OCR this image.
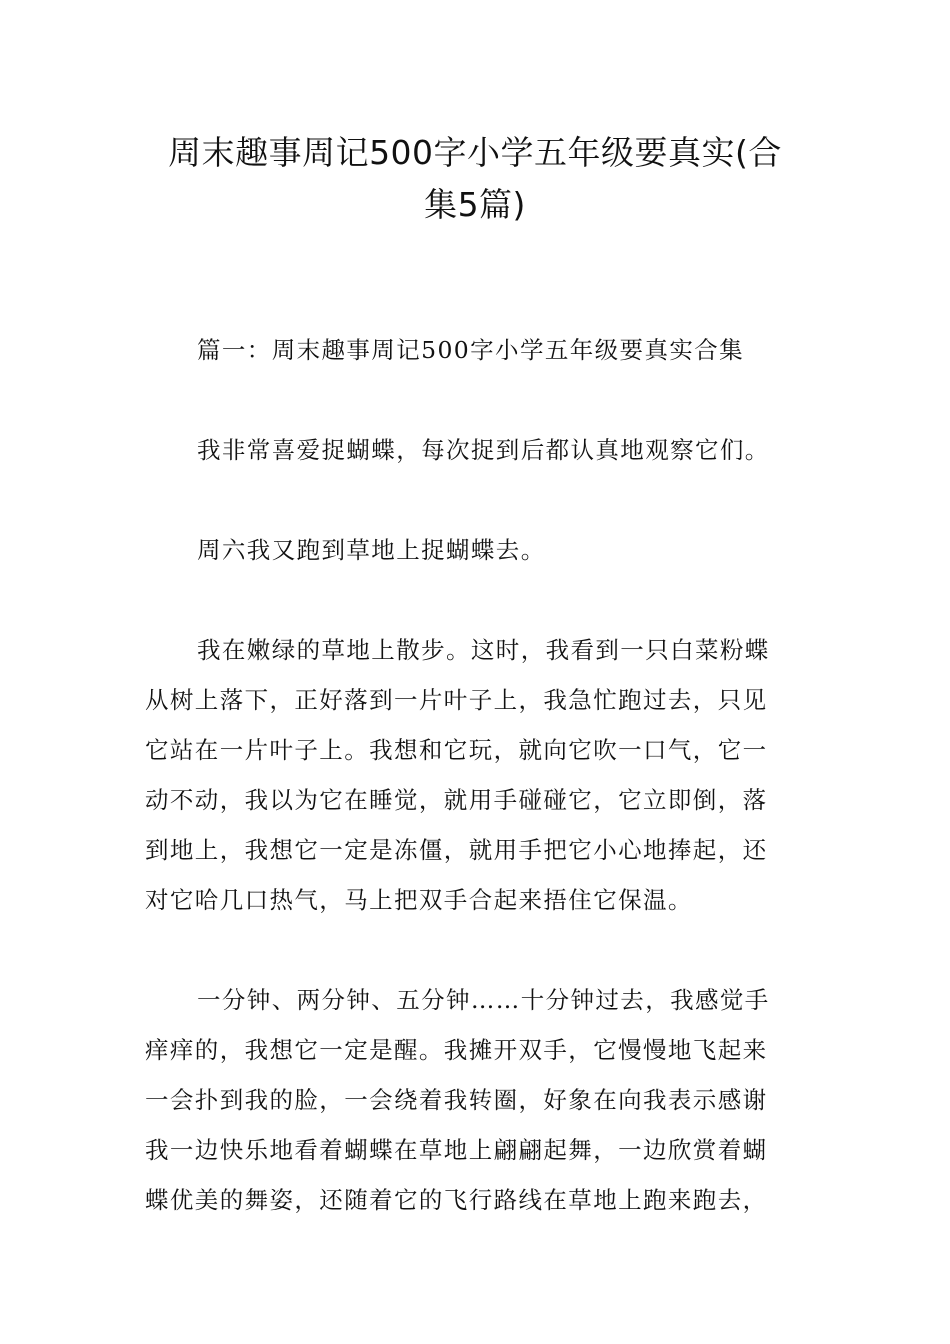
周末趣事周记500字小学五年级要真实(合
集5篇)

篇一：周末趣事周记500字小学五年级要真实合集

我非常喜爱捉蝴蝶，每次捉到后都认真地观察它们。

周六我又跑到草地上捉蝴蝶去。

我在嫩绿的草地上散步。这时，我看到一只白菜粉蝶
从树上落下，正好落到一片叶子上，我急忙跑过去，只见
它站在一片叶子上。我想和它玩，就向它吹一口气，它一
动不动，我以为它在睡觉，就用手碰碰它，它立即倒，落
到地上，我想它一定是冻僵，就用手把它小心地捧起，还
对它哈几口热气，马上把双手合起来捂住它保温。

一分钟、两分钟、五分钟……十分钟过去，我感觉手
痒痒的，我想它一定是醒。我摊开双手，它慢慢地飞起来
一会扑到我的脸，一会绕着我转圈，好象在向我表示感谢
我一边快乐地看着蝴蝶在草地上翩翩起舞，一边欣赏着蝴
蝶优美的舞姿，还随着它的飞行路线在草地上跑来跑去，
